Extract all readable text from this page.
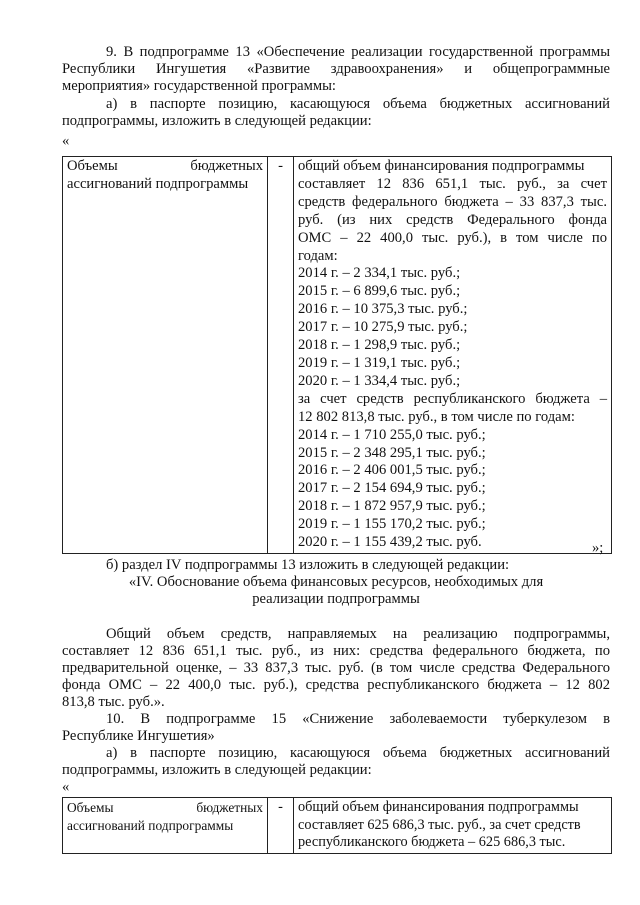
9. В подпрограмме 13 «Обеспечение реализации государственной программы

Республики Ингушетия «Развитие здравоохранения» и общепрограммные

мероприятия» государственной программы:

а) в паспорте позицию, касающуюся объема бюджетных ассигнований

подпрограммы, изложить в следующей редакции:

«
Объемы бюджетных
ассигнований подпрограммы
	-	общий объем финансирования подпрограммы
составляет 12 836 651,1 тыс. руб., за счет
средств федерального бюджета – 33 837,3 тыс.
руб. (из них средств Федерального фонда
ОМС – 22 400,0 тыс. руб.), в том числе по
годам:
2014 г. – 2 334,1 тыс. руб.;
2015 г. – 6 899,6 тыс. руб.;
2016 г. – 10 375,3 тыс. руб.;
2017 г. – 10 275,9 тыс. руб.;
2018 г. – 1 298,9 тыс. руб.;
2019 г. – 1 319,1 тыс. руб.;
2020 г. – 1 334,4 тыс. руб.;
за счет средств республиканского бюджета –
12 802 813,8 тыс. руб., в том числе по годам:
2014 г. – 1 710 255,0 тыс. руб.;
2015 г. – 2 348 295,1 тыс. руб.;
2016 г. – 2 406 001,5 тыс. руб.;
2017 г. – 2 154 694,9 тыс. руб.;
2018 г. – 1 872 957,9 тыс. руб.;
2019 г. – 1 155 170,2 тыс. руб.;
2020 г. – 1 155 439,2 тыс. руб.	»;

б) раздел IV подпрограммы 13 изложить в следующей редакции:

«IV. Обоснование объема финансовых ресурсов, необходимых для

реализации подпрограммы

Общий объем средств, направляемых на реализацию подпрограммы,

составляет 12 836 651,1 тыс. руб., из них: средства федерального бюджета, по

предварительной оценке, – 33 837,3 тыс. руб. (в том числе средства Федерального

фонда ОМС – 22 400,0 тыс. руб.), средства республиканского бюджета – 12 802

813,8 тыс. руб.».

10. В подпрограмме 15 «Снижение заболеваемости туберкулезом в

Республике Ингушетия»

а) в паспорте позицию, касающуюся объема бюджетных ассигнований

подпрограммы, изложить в следующей редакции:

«
Объемы бюджетных
ассигнований подпрограммы
	-	общий объем финансирования подпрограммы
составляет 625 686,3 тыс. руб., за счет средств
республиканского бюджета – 625 686,3 тыс.
